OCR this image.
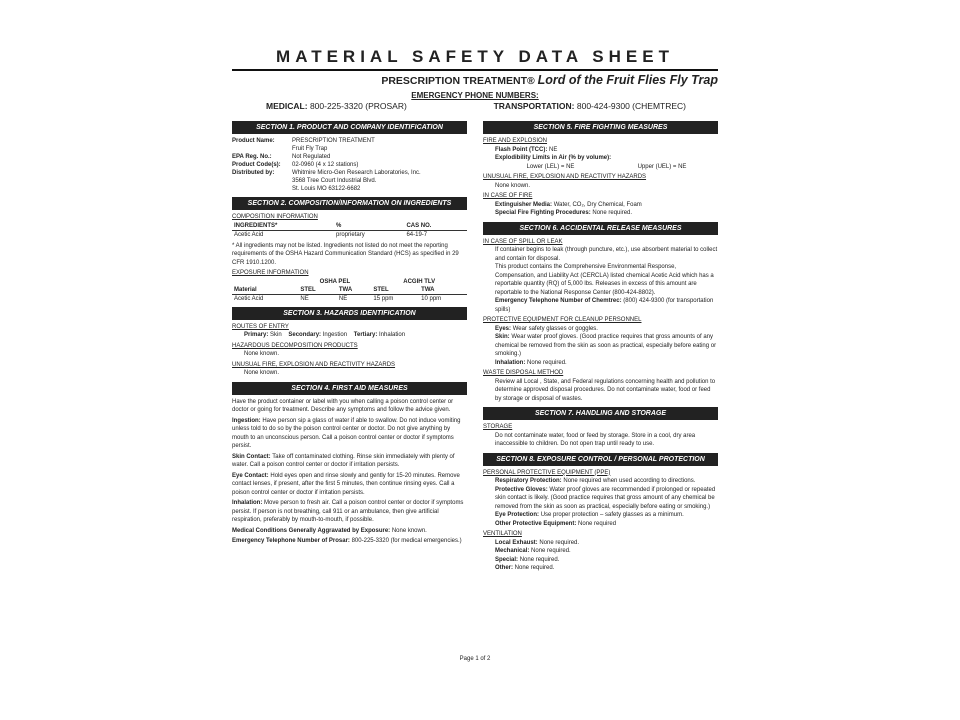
MATERIAL SAFETY DATA SHEET
PRESCRIPTION TREATMENT® Lord of the Fruit Flies Fly Trap
EMERGENCY PHONE NUMBERS:
MEDICAL: 800-225-3320 (PROSAR)	TRANSPORTATION: 800-424-9300 (CHEMTREC)
SECTION 1. PRODUCT AND COMPANY IDENTIFICATION
Product Name:	PRESCRIPTION TREATMENT
Fruit Fly Trap
EPA Reg. No.:	Not Regulated
Product Code(s):	02-0960 (4 x 12 stations)
Distributed by:	Whitmire Micro-Gen Research Laboratories, Inc.
3568 Tree Court Industrial Blvd.
St. Louis MO 63122-6682
SECTION 2. COMPOSITION/INFORMATION ON INGREDIENTS
COMPOSITION INFORMATION
INGREDIENTS*	%	CAS NO.
Acetic Acid	proprietary	64-19-7
* All ingredients may not be listed. Ingredients not listed do not meet the reporting requirements of the OSHA Hazard Communication Standard (HCS) as specified in 29 CFR 1910.1200.
EXPOSURE INFORMATION
	OSHA PEL		ACGIH TLV	
Material	STEL	TWA	STEL	TWA
Acetic Acid	NE	NE	15 ppm	10 ppm
SECTION 3. HAZARDS IDENTIFICATION
ROUTES OF ENTRY
Primary: Skin Secondary: Ingestion Tertiary: Inhalation
HAZARDOUS DECOMPOSITION PRODUCTS
None known.
UNUSUAL FIRE, EXPLOSION AND REACTIVITY HAZARDS
None known.
SECTION 4. FIRST AID MEASURES
Have the product container or label with you when calling a poison control center or doctor or going for treatment. Describe any symptoms and follow the advice given.
Ingestion: Have person sip a glass of water if able to swallow. Do not induce vomiting unless told to do so by the poison control center or doctor. Do not give anything by mouth to an unconscious person. Call a poison control center or doctor if symptoms persist.
Skin Contact: Take off contaminated clothing. Rinse skin immediately with plenty of water. Call a poison control center or doctor if irritation persists.
Eye Contact: Hold eyes open and rinse slowly and gently for 15-20 minutes. Remove contact lenses, if present, after the first 5 minutes, then continue rinsing eyes. Call a poison control center or doctor if irritation persists.
Inhalation: Move person to fresh air. Call a poison control center or doctor if symptoms persist. If person is not breathing, call 911 or an ambulance, then give artificial respiration, preferably by mouth-to-mouth, if possible.
Medical Conditions Generally Aggravated by Exposure: None known.
Emergency Telephone Number of Prosar: 800-225-3320 (for medical emergencies.)
SECTION 5. FIRE FIGHTING MEASURES
FIRE AND EXPLOSION
Flash Point (TCC): NE
Explodibility Limits in Air (% by volume):
Lower (LEL) = NE	Upper (UEL) = NE
UNUSUAL FIRE, EXPLOSION AND REACTIVITY HAZARDS
None known.
IN CASE OF FIRE
Extinguisher Media: Water, CO₂, Dry Chemical, Foam
Special Fire Fighting Procedures: None required.
SECTION 6. ACCIDENTAL RELEASE MEASURES
IN CASE OF SPILL OR LEAK
If container begins to leak (through puncture, etc.), use absorbent material to collect and contain for disposal.
This product contains the Comprehensive Environmental Response, Compensation, and Liability Act (CERCLA) listed chemical Acetic Acid which has a reportable quantity (RQ) of 5,000 lbs. Releases in excess of this amount are reportable to the National Response Center (800-424-8802).
Emergency Telephone Number of Chemtrec: (800) 424-9300 (for transportation spills)
PROTECTIVE EQUIPMENT FOR CLEANUP PERSONNEL
Eyes: Wear safety glasses or goggles.
Skin: Wear water proof gloves. (Good practice requires that gross amounts of any chemical be removed from the skin as soon as practical, especially before eating or smoking.)
Inhalation: None required.
WASTE DISPOSAL METHOD
Review all Local , State, and Federal regulations concerning health and pollution to determine approved disposal procedures. Do not contaminate water, food or feed by storage or disposal of wastes.
SECTION 7. HANDLING AND STORAGE
STORAGE
Do not contaminate water, food or feed by storage. Store in a cool, dry area inaccessible to children. Do not open trap until ready to use.
SECTION 8. EXPOSURE CONTROL / PERSONAL PROTECTION
PERSONAL PROTECTIVE EQUIPMENT (PPE)
Respiratory Protection: None required when used according to directions.
Protective Gloves: Water proof gloves are recommended if prolonged or repeated skin contact is likely. (Good practice requires that gross amount of any chemical be removed from the skin as soon as practical, especially before eating or smoking.)
Eye Protection: Use proper protection – safety glasses as a minimum.
Other Protective Equipment: None required
VENTILATION
Local Exhaust: None required.
Mechanical: None required.
Special: None required.
Other: None required.
Page 1 of 2
